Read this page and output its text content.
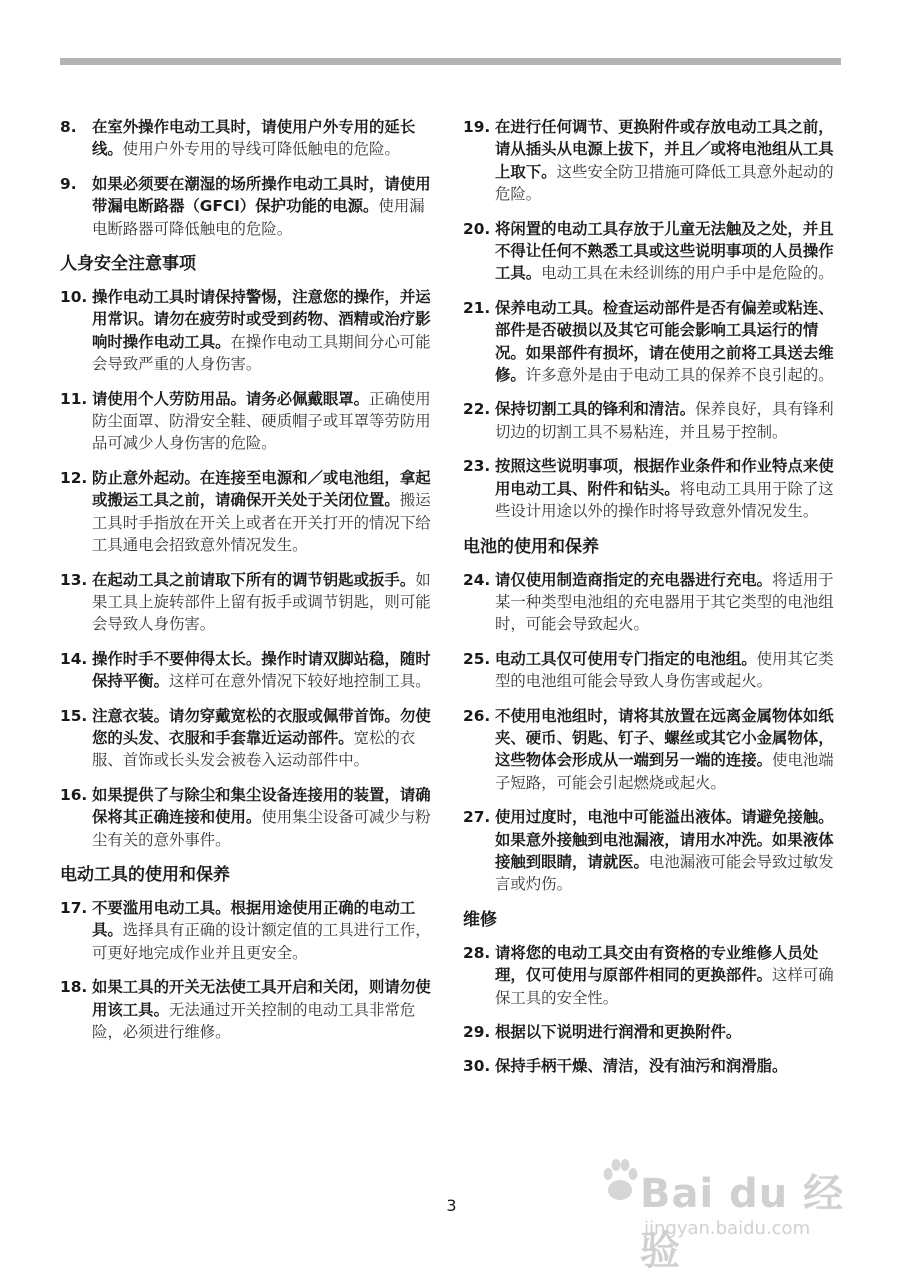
8. 在室外操作电动工具时，请使用户外专用的延长线。使用户外专用的导线可降低触电的危险。
9. 如果必须要在潮湿的场所操作电动工具时，请使用带漏电断路器（GFCI）保护功能的电源。使用漏电断路器可降低触电的危险。
人身安全注意事项
10. 操作电动工具时请保持警惕，注意您的操作，并运用常识。请勿在疲劳时或受到药物、酒精或治疗影响时操作电动工具。在操作电动工具期间分心可能会导致严重的人身伤害。
11. 请使用个人劳防用品。请务必佩戴眼罩。正确使用防尘面罩、防滑安全鞋、硬质帽子或耳罩等劳防用品可减少人身伤害的危险。
12. 防止意外起动。在连接至电源和／或电池组，拿起或搬运工具之前，请确保开关处于关闭位置。搬运工具时手指放在开关上或者在开关打开的情况下给工具通电会招致意外情况发生。
13. 在起动工具之前请取下所有的调节钥匙或扳手。如果工具上旋转部件上留有扳手或调节钥匙，则可能会导致人身伤害。
14. 操作时手不要伸得太长。操作时请双脚站稳，随时保持平衡。这样可在意外情况下较好地控制工具。
15. 注意衣装。请勿穿戴宽松的衣服或佩带首饰。勿使您的头发、衣服和手套靠近运动部件。宽松的衣服、首饰或长头发会被卷入运动部件中。
16. 如果提供了与除尘和集尘设备连接用的装置，请确保将其正确连接和使用。使用集尘设备可减少与粉尘有关的意外事件。
电动工具的使用和保养
17. 不要滥用电动工具。根据用途使用正确的电动工具。选择具有正确的设计额定值的工具进行工作，可更好地完成作业并且更安全。
18. 如果工具的开关无法使工具开启和关闭，则请勿使用该工具。无法通过开关控制的电动工具非常危险，必须进行维修。
19. 在进行任何调节、更换附件或存放电动工具之前，请从插头从电源上拔下，并且／或将电池组从工具上取下。这些安全防卫措施可降低工具意外起动的危险。
20. 将闲置的电动工具存放于儿童无法触及之处，并且不得让任何不熟悉工具或这些说明事项的人员操作工具。电动工具在未经训练的用户手中是危险的。
21. 保养电动工具。检查运动部件是否有偏差或粘连、部件是否破损以及其它可能会影响工具运行的情况。如果部件有损坏，请在使用之前将工具送去维修。许多意外是由于电动工具的保养不良引起的。
22. 保持切割工具的锋利和清洁。保养良好，具有锋利切边的切割工具不易粘连，并且易于控制。
23. 按照这些说明事项，根据作业条件和作业特点来使用电动工具、附件和钻头。将电动工具用于除了这些设计用途以外的操作时将导致意外情况发生。
电池的使用和保养
24. 请仅使用制造商指定的充电器进行充电。将适用于某一种类型电池组的充电器用于其它类型的电池组时，可能会导致起火。
25. 电动工具仅可使用专门指定的电池组。使用其它类型的电池组可能会导致人身伤害或起火。
26. 不使用电池组时，请将其放置在远离金属物体如纸夹、硬币、钥匙、钉子、螺丝或其它小金属物体，这些物体会形成从一端到另一端的连接。使电池端子短路，可能会引起燃烧或起火。
27. 使用过度时，电池中可能溢出液体。请避免接触。如果意外接触到电池漏液，请用水冲洗。如果液体接触到眼睛，请就医。电池漏液可能会导致过敏发言或灼伤。
维修
28. 请将您的电动工具交由有资格的专业维修人员处理，仅可使用与原部件相同的更换部件。这样可确保工具的安全性。
29. 根据以下说明进行润滑和更换附件。
30. 保持手柄干燥、清洁，没有油污和润滑脂。
3	Bai du 经验
jingyan.baidu.com
